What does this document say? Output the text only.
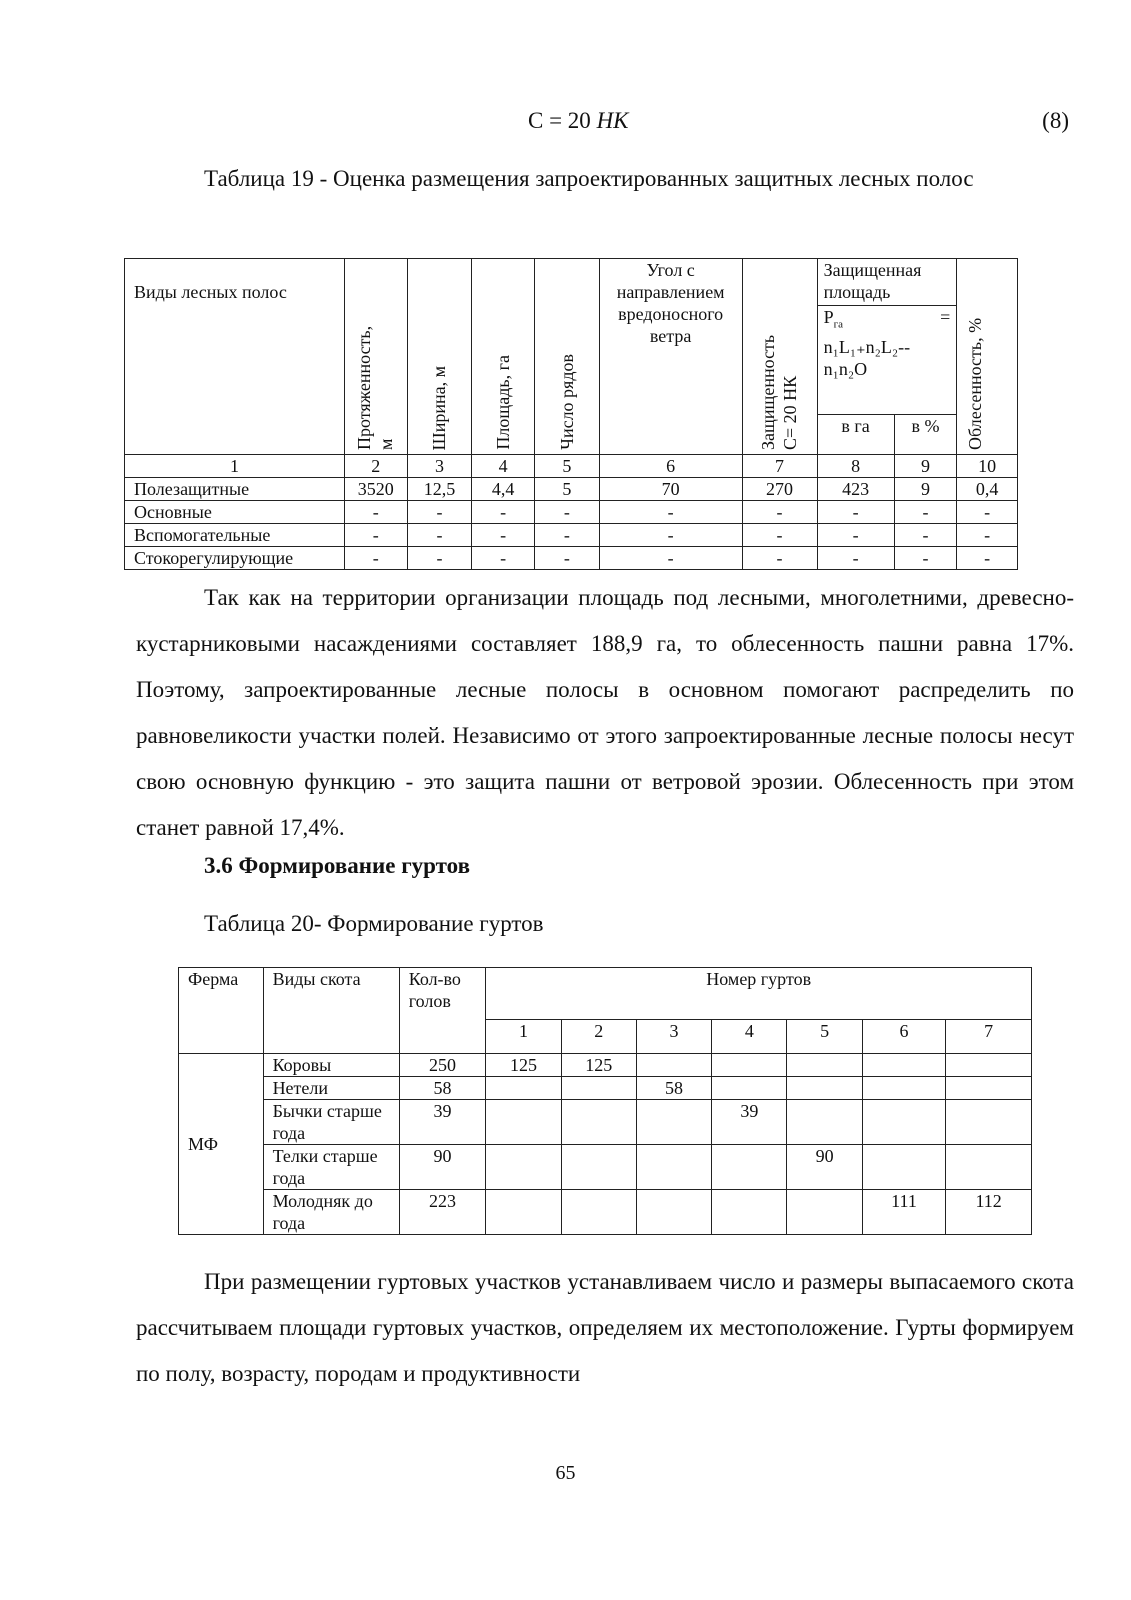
С = 20 НК	(8)
Таблица 19 - Оценка размещения запроектированных защитных лесных полос
Виды лесных полос	Протяженность, м	Ширина, м	Площадь, га	Число рядов	Угол с направлением вредоносного ветра	Защищенность С= 20 НК	Защищенная площадь
$Р_{га}$ =
n₁L₁₊n₂L₂--
n₁n₂O		Облесенность, %

							в га	в %	
1	2	3	4	5	6	7	8	9	10
Полезащитные	3520	12,5	4,4	5	70	270	423	9	0,4
Основные	-	-	-	-	-	-	-	-	-
Вспомогательные	-	-	-	-	-	-	-	-	-
Стокорегулирующие	-	-	-	-	-	-	-	-	-
Так как на территории организации площадь под лесными, многолетними, древесно-кустарниковыми насаждениями составляет 188,9 га, то облесенность пашни равна 17%. Поэтому, запроектированные лесные полосы в основном помогают распределить по равновеликости участки полей. Независимо от этого запроектированные лесные полосы несут свою основную функцию - это защита пашни от ветровой эрозии. Облесенность при этом станет равной 17,4%.
3.6 Формирование гуртов
Таблица 20- Формирование гуртов
Ферма	Виды скота	Кол-во голов	Номер гуртов						
			1	2	3	4	5	6	7
МФ	Коровы	250	125	125					
	Нетели	58			58				
	Бычки старше года	39				39			
	Телки старше года	90					90		
	Молодняк до года	223						111	112
При размещении гуртовых участков устанавливаем число и размеры выпасаемого скота рассчитываем площади гуртовых участков, определяем их местоположение. Гурты формируем по полу, возрасту, породам и продуктивности
65
